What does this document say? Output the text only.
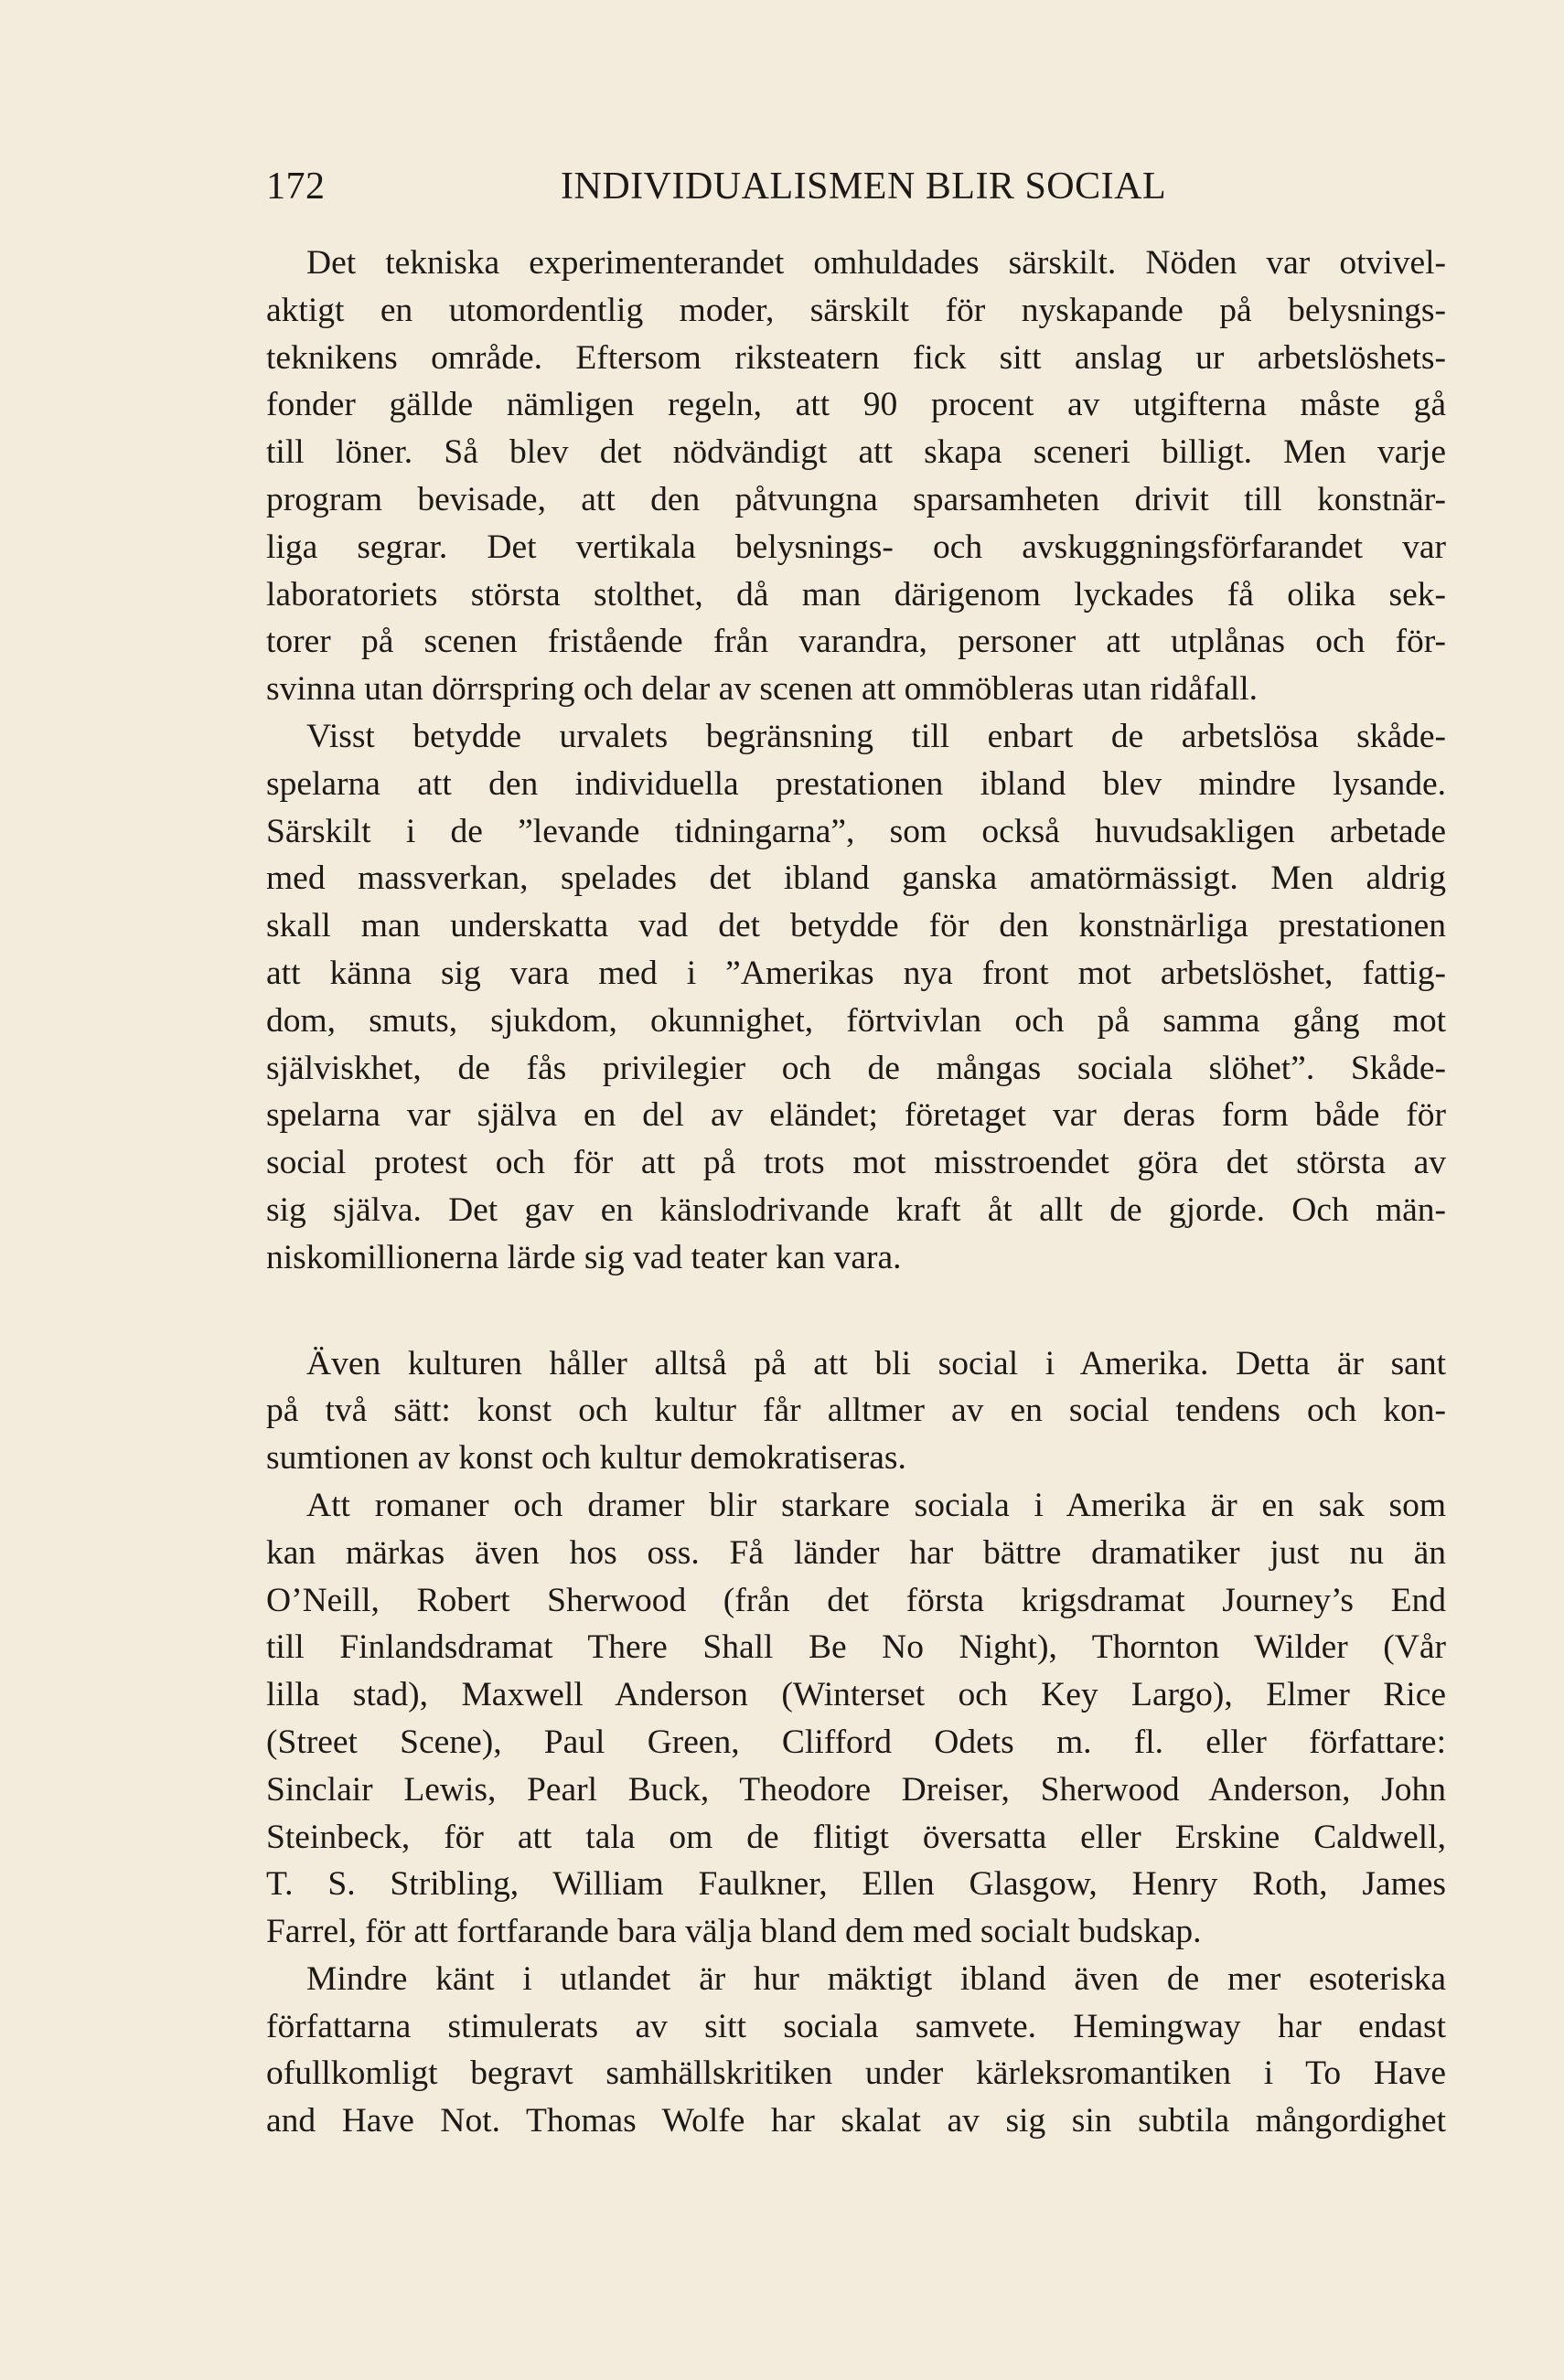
172	INDIVIDUALISMEN BLIR SOCIAL
Det tekniska experimenterandet omhuldades särskilt. Nöden var otvivel-
aktigt en utomordentlig moder, särskilt för nyskapande på belysnings-
teknikens område. Eftersom riksteatern fick sitt anslag ur arbetslöshets-
fonder gällde nämligen regeln, att 90 procent av utgifterna måste gå
till löner. Så blev det nödvändigt att skapa sceneri billigt. Men varje
program bevisade, att den påtvungna sparsamheten drivit till konstnär-
liga segrar. Det vertikala belysnings- och avskuggningsförfarandet var
laboratoriets största stolthet, då man därigenom lyckades få olika sek-
torer på scenen fristående från varandra, personer att utplånas och för-
svinna utan dörrspring och delar av scenen att ommöbleras utan ridåfall.
Visst betydde urvalets begränsning till enbart de arbetslösa skåde-
spelarna att den individuella prestationen ibland blev mindre lysande.
Särskilt i de ”levande tidningarna”, som också huvudsakligen arbetade
med massverkan, spelades det ibland ganska amatörmässigt. Men aldrig
skall man underskatta vad det betydde för den konstnärliga prestationen
att känna sig vara med i ”Amerikas nya front mot arbetslöshet, fattig-
dom, smuts, sjukdom, okunnighet, förtvivlan och på samma gång mot
själviskhet, de fås privilegier och de mångas sociala slöhet”. Skåde-
spelarna var själva en del av eländet; företaget var deras form både för
social protest och för att på trots mot misstroendet göra det största av
sig själva. Det gav en känslodrivande kraft åt allt de gjorde. Och män-
niskomillionerna lärde sig vad teater kan vara.
Även kulturen håller alltså på att bli social i Amerika. Detta är sant
på två sätt: konst och kultur får alltmer av en social tendens och kon-
sumtionen av konst och kultur demokratiseras.
Att romaner och dramer blir starkare sociala i Amerika är en sak som
kan märkas även hos oss. Få länder har bättre dramatiker just nu än
O’Neill, Robert Sherwood (från det första krigsdramat Journey’s End
till Finlandsdramat There Shall Be No Night), Thornton Wilder (Vår
lilla stad), Maxwell Anderson (Winterset och Key Largo), Elmer Rice
(Street Scene), Paul Green, Clifford Odets m. fl. eller författare:
Sinclair Lewis, Pearl Buck, Theodore Dreiser, Sherwood Anderson, John
Steinbeck, för att tala om de flitigt översatta eller Erskine Caldwell,
T. S. Stribling, William Faulkner, Ellen Glasgow, Henry Roth, James
Farrel, för att fortfarande bara välja bland dem med socialt budskap.
Mindre känt i utlandet är hur mäktigt ibland även de mer esoteriska
författarna stimulerats av sitt sociala samvete. Hemingway har endast
ofullkomligt begravt samhällskritiken under kärleksromantiken i To Have
and Have Not. Thomas Wolfe har skalat av sig sin subtila mångordighet
